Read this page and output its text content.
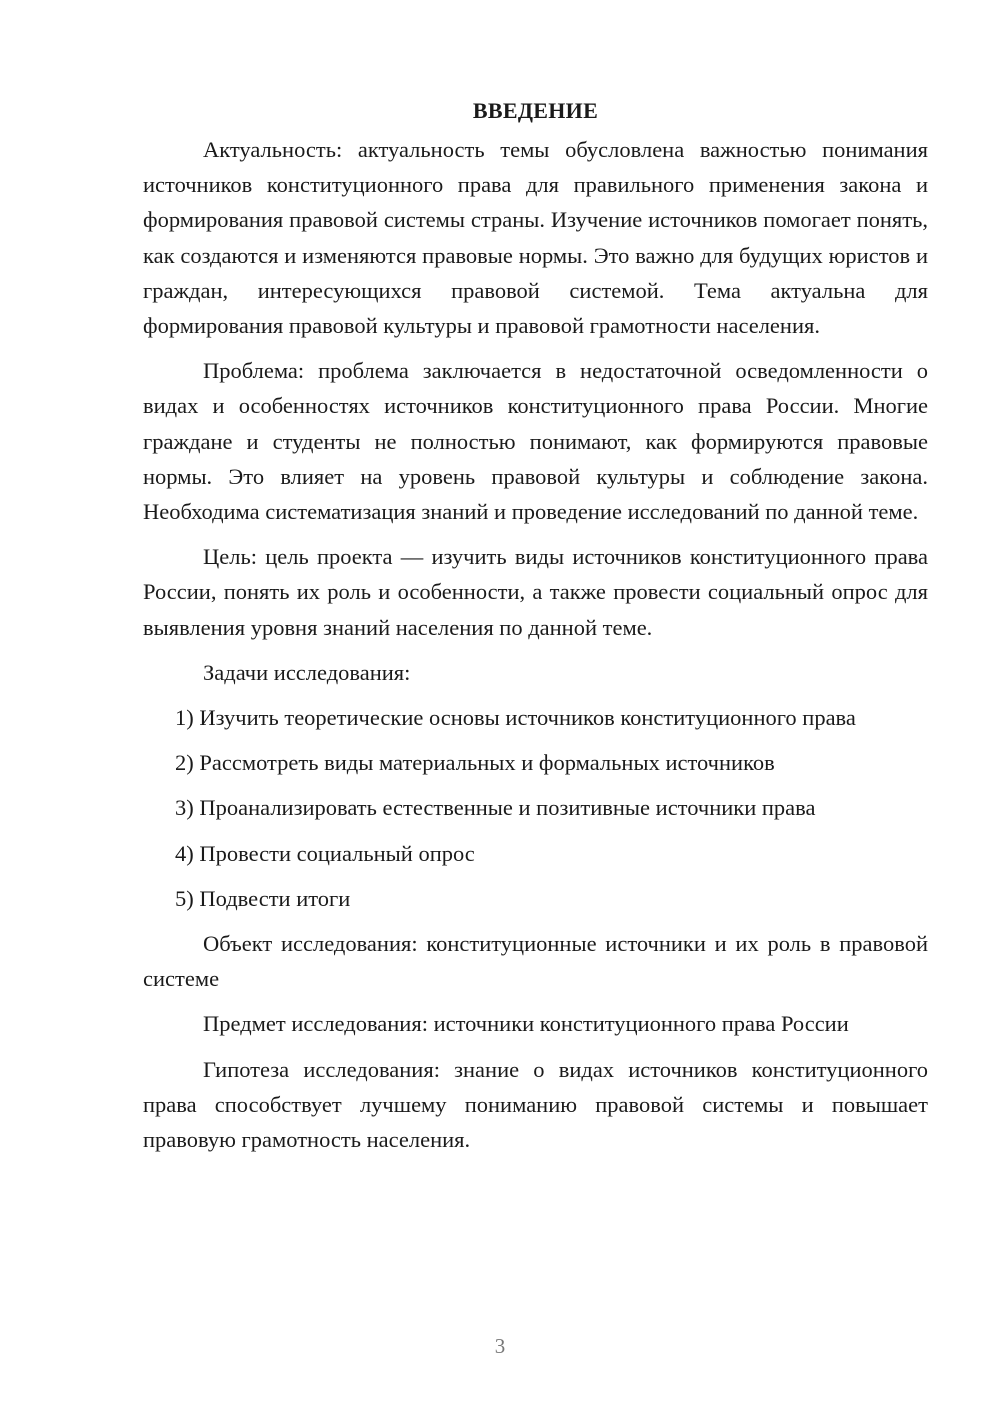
ВВЕДЕНИЕ

Актуальность: актуальность темы обусловлена важностью понимания источников конституционного права для правильного применения закона и формирования правовой системы страны. Изучение источников помогает понять, как создаются и изменяются правовые нормы. Это важно для будущих юристов и граждан, интересующихся правовой системой. Тема актуальна для формирования правовой культуры и правовой грамотности населения.

Проблема: проблема заключается в недостаточной осведомленности о видах и особенностях источников конституционного права России. Многие граждане и студенты не полностью понимают, как формируются правовые нормы. Это влияет на уровень правовой культуры и соблюдение закона. Необходима систематизация знаний и проведение исследований по данной теме.

Цель: цель проекта — изучить виды источников конституционного права России, понять их роль и особенности, а также провести социальный опрос для выявления уровня знаний населения по данной теме.

Задачи исследования:

1) Изучить теоретические основы источников конституционного права

2) Рассмотреть виды материальных и формальных источников

3) Проанализировать естественные и позитивные источники права

4) Провести социальный опрос

5) Подвести итоги

Объект исследования: конституционные источники и их роль в правовой системе

Предмет исследования: источники конституционного права России

Гипотеза исследования: знание о видах источников конституционного права способствует лучшему пониманию правовой системы и повышает правовую грамотность населения.

3
